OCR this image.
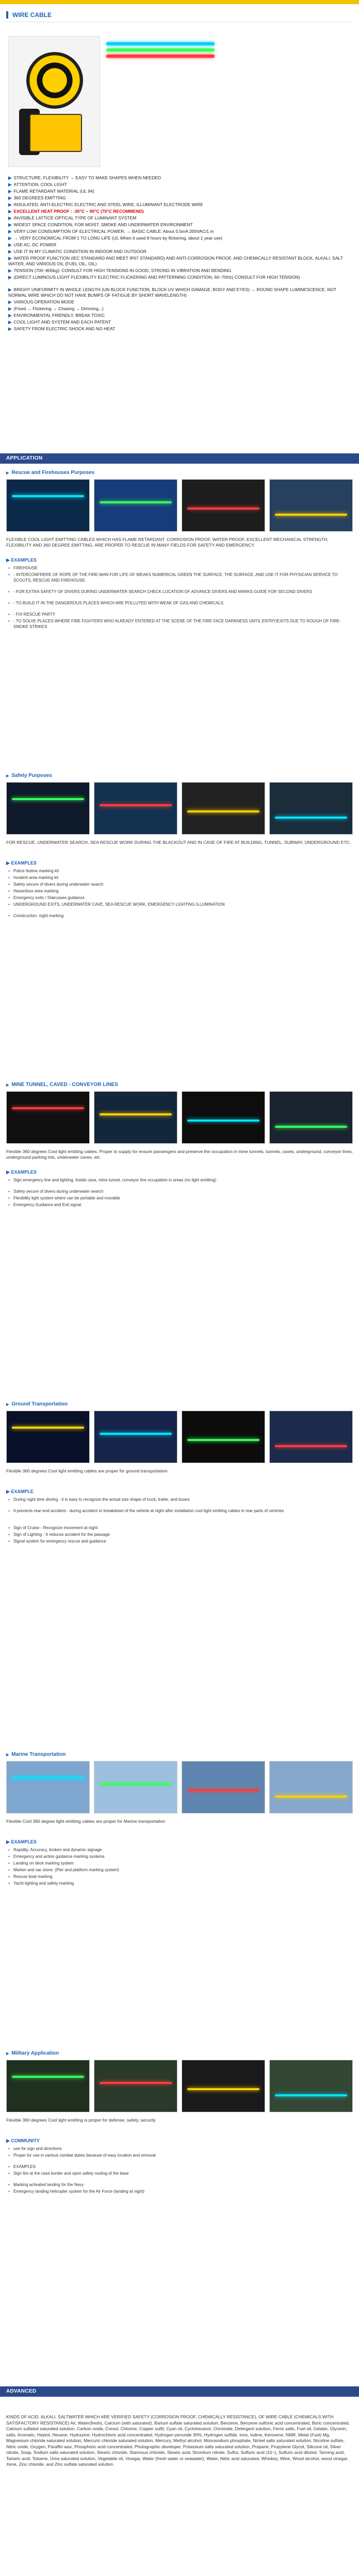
WIRE CABLE
▶ STRUCTURE, FLEXIBILITY → EASY TO MAKE SHAPES WHEN NEEDED
▶ ATTENTION, COOL LIGHT
▶ FLAME RETARDANT MATERIAL (UL 94)
▶ 360 DEGREES EMITTING
▶ INSULATED, ANTI-ELECTRIC ELECTRIC AND STEEL WIRE, ILLUMINANT ELECTRODE WIRE
▶ EXCELLENT HEAT PROOF : -30°C ~ 90°C (70°C RECOMMEND)
▶ INVISIBLE LATTICE-OPTICAL TYPE OF LUMINANT SYSTEM
▶ WIDEST SPACE CONDITION, FOR MOIST, SMOKE AND UNDERWATER ENVIRONMENT
▶ VERY LOW CONSUMPTION OF ELECTRICAL POWER, → BASIC CABLE: About 0.5mA 200VAC/1 m
▶ → VERY ECONOMICAL FROM 1 TO LONG LIFE (UL When it used 8 hours by flickering, about 1 year use)
▶ USE AC, DC POWER
▶ USE IT IN MY CLIMATIC CONDITION IN INDOOR AND OUTDOOR
▶ WATER PROOF FUNCTION (IEC STANDARD AND MEET IP67 STANDARD) AND ANTI-CORROSION PROOF, AND CHEMICALLY RESISTANT BLOCK, ALKALI, SALT WATER, AND VARIOUS OIL (FUEL OIL, OIL)
▶ TENSION (700~800kg): CONSULT FOR HIGH TENSIONS IN GOOD, STRONG IN VIBRATION AND BENDING
▶ (DIRECT LUMINOUS LIGHT FLEXIBILITY ELECTRIC FLICKERING AND PATTERNING CONDITION, 60~70Hz) CONSULT FOR HIGH TENSION)
▶ BRIGHT UNIFORMITY IN WHOLE LENGTH (UN BLOCK FUNCTION, BLOCK UV WHICH DAMAGE, BODY AND EYES) → ROUND SHAPE LUMINESCENCE, NOT NORMAL WIRE WHICH DO NOT HAVE BUMPS OF FATIGUE BY SHORT WAVELENGTH)
▶ VARIOUS OPERATION MODE
▶ (Fixed → Flickering → Chasing → Dimming...)
▶ ENVIRONMENTAL FRIENDLY, BREAK TOXIC
▶ COOL LIGHT AND SYSTEM AND EACH PATENT
▶ SAFETY FROM ELECTRIC SHOCK AND NO HEAT
APPLICATION
▶ Rescue and Firehouses Purposes
FLEXIBLE COOL LIGHT EMITTING CABLES WHICH HAS FLAME RETARDANT, CORROSION PROOF, WATER PROOF, EXCELLENT MECHANICAL STRENGTH, FLEXIBILITY AND 360 DEGREE EMITTING, ARE PROPER TO RESCUE IN MANY FIELDS FOR SAFETY AND EMERGENCY.
▶ EXAMPLES
▪ FIREHOUSE
▪ - INTERCONFRERE OF ROPE OF THE FIRE-MAN FOR LIFE OF WEAKS NUMERICAL GREEN THE SURFACE, THE SURFACE, AND USE IT FOR PHYSICIAN SERVICE TO SCOUTS, RESCUE AND FIREHOUSE.
▪ - FOR EXTRA SAFETY OF DIVERS DURING UNDERWATER SEARCH CHECK LOCATION OF ADVANCE DIVERS AND MARKS GUIDE FOR SECOND DIVERS
▪ - TO BUILD IT IN THE DANGEROUS PLACES WHICH ARE POLLUTED WITH WEAK OF GAS AND CHEMICALS
▪ - FIX RESCUE PARTY
▪ - TO SOLVE PLACES WHERE FIRE FIGHTERS WHO ALREADY ENTERED AT THE SCENE OF THE FIRE FACE DARKNESS UNTIL ENTRY/EXITS DUE TO ROUGH OF FIRE-SMOKE STRIKES
▶ Safety Purposes
FOR RESCUE, UNDERWATER SEARCH, SEA RESCUE WORK DURING THE BLACKOUT AND IN CASE OF FIRE AT BUILDING, TUNNEL, SUBWAY, UNDERGROUND ETC.
▶ EXAMPLES
▪ Police festive marking kit
▪ Incident area marking kit
▪ Safety secure of divers during underwater search
▪ Hazardous area marking
▪ Emergency exits / Staircases guidance
▪ UNDERGROUND EXITS, UNDERWATER CAVE, SEA RESCUE WORK, EMERGENCY LIGHTING ILLUMINATION
▪ Construction: night marking
▶ MINE TUNNEL, CAVED - CONVEYOR LINES
Flexible 360 degrees Cool light emitting cables. Proper to supply for ensure passengers and preserve the occupation in mine tunnels, tunnels, caves, underground, conveyor lines, underground parking lots, underwater caves, etc.
▶ EXAMPLES
▪ Sign emergency line and lighting, Inside cave, mine tunnel, conveyor line occupation in areas (no light emitting)
▪ Safety secure of divers during underwater search
▪ Flexibility light system where can be portable and movable
▪ Emergency Guidance and Exit signal
▶ Ground Transportation
Flexible 360 degrees Cool light emitting cables are proper for ground transportation
▶ EXAMPLE
▪ During night time driving - it is easy to recognize the actual size shape of truck, trailer, and buses
▪ It prevents rear-end accident - during accident or breakdown of the vehicle at night after installation cool light emitting cables in rear parts of vehicles
▪ Sign of Cruise - Recognize movement at night
▪ Sign of Lighting - It reduces accident for the passage
▪ Signal system for emergency rescue and guidance
▶ Marine Transportation
Flexible Cool 360 degree light emitting cables are proper for Marine transportation
▶ EXAMPLES
▪ Rapidity, Accuracy, broken and dynamic signage
▪ Emergency and action guidance marking systems
▪ Landing on deck marking system
▪ Marker and oar stone. (Pier and platform marking system)
▪ Rescue boat marking
▪ Yacht lighting and safety marking
▶ Military Application
Flexible 360 degrees Cool light emitting is proper for defense, safety, security
▶ COMMUNITY
▪ use for sign and directions
▪ Proper for use in various combat duties because of easy location and removal
▪ EXAMPLES
▪ Sign fire at the case border and open safety routing of the base
▪ Marking activated landing for the Navy
▪ Emergency landing helicopter system for the Air Force (landing at night)
ADVANCED
KINDS OF ACID, ALKALI, SALTWATER WHICH ARE VERIFIED SAFETY (CORROSION PROOF, CHEMICALLY RESISTANCE), OF WIRE CABLE (CHEMICALS WITH SATISFACTORY RESISTANCE) Air, Water(fresh), Calcium (with saturated), Barium sulfate saturated solution, Benzene, Benzene sulfonic acid concentrated, Boric concentrated, Calcium sulfated saturated solution, Carbon oxide, Cresol, Chlorine, Copper sulfit, Cyan oil, Cyclohexanol, Chromate, Detergent solution, Ferric salts, Fuel oil, Gelatin, Glycerin, salts, Aromatic, Heptol, Hexane, Hydrazine, Hydrochloric acid concentrated, Hydrogen peroxide 30%, Hydrogen sulfide, Ions, Iodine, Kerosene, NMR, Metal (Fuel) Mg, Magnesium chloride saturated solution, Mercuric chloride saturated solution, Mercury, Methyl alcohol, Monosodium phosphate, Nickel salts saturated solution, Nicotine sulfate, Nitric oxide, Oxygen, Paraffin wax, Phosphoric acid concentrated, Photographic developer, Potassium salts saturated solution, Propane, Propylene Glycol, Silicone oil, Silver nitrate, Soap, Sodium salts saturated solution, Stearic chloride, Stannous chloride, Stearic acid, Strontium nitrate, Sulfur, Sulfuric acid (10~), Sulfuric acid diluted, Tanning acid, Tartaric acid, Toluene, Urea saturated solution, Vegetable oil, Vinegar, Water (fresh water or seawater), Water, Nitric acid saturated, Whiskey, Wine, Wood alcohol, wood vinegar, Xene, Zinc chloride, and Zinc sulfate saturated solution.
